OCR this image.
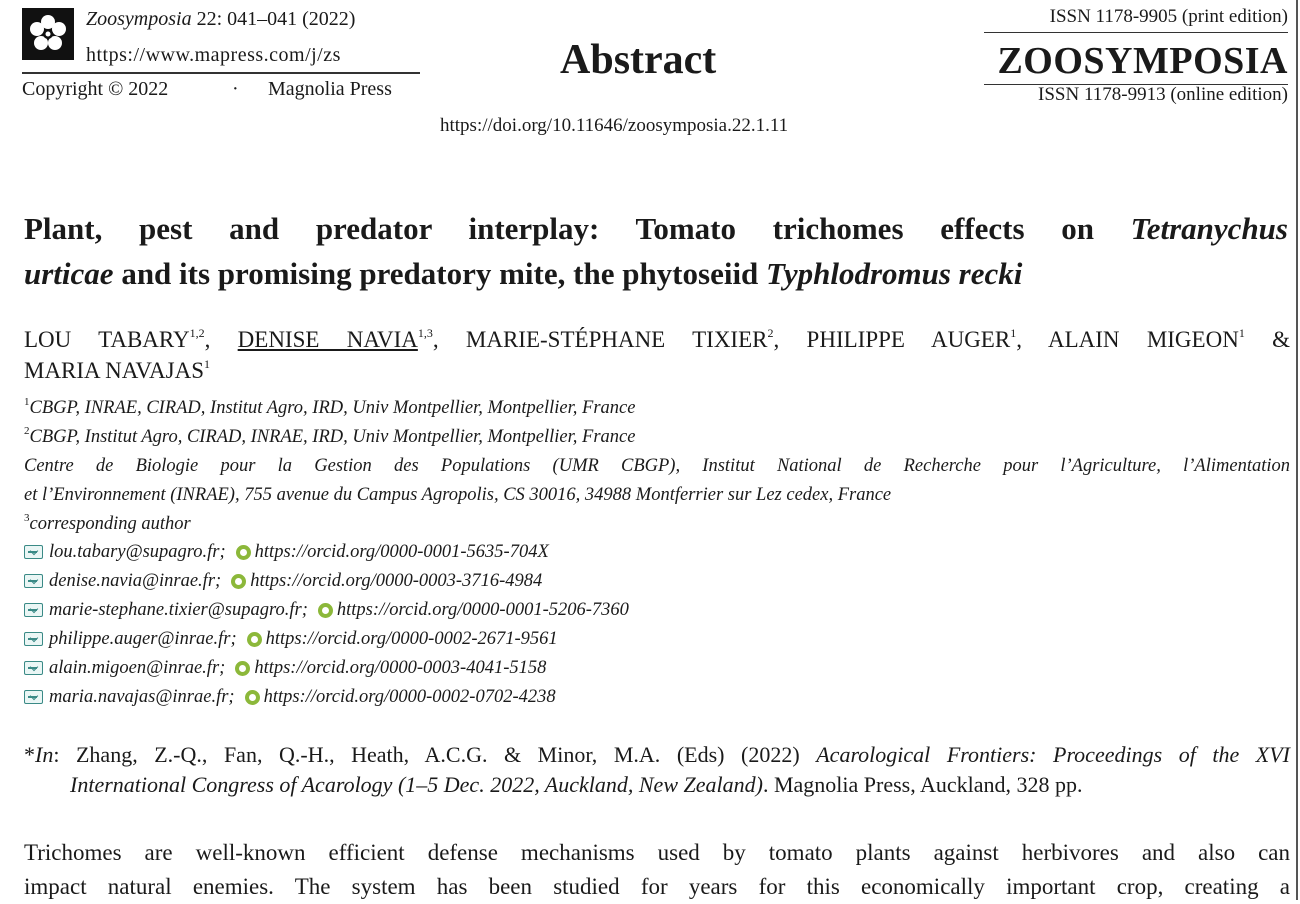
Zoosymposia 22: 041–041 (2022)
https://www.mapress.com/j/zs
Copyright © 2022	· Magnolia Press
Abstract
https://doi.org/10.11646/zoosymposia.22.1.11
ISSN 1178-9905 (print edition)
ZOOSYMPOSIA
ISSN 1178-9913 (online edition)
Plant, pest and predator interplay: Tomato trichomes effects on Tetranychus
urticae and its promising predatory mite, the phytoseiid Typhlodromus recki
LOU TABARY$^{1,2}$, DENISE NAVIA$^{1,3}$, MARIE-STÉPHANE TIXIER$^2$, PHILIPPE AUGER$^1$, ALAIN MIGEON$^1$ &
MARIA NAVAJAS$^1$
$^1$CBGP, INRAE, CIRAD, Institut Agro, IRD, Univ Montpellier, Montpellier, France
$^2$CBGP, Institut Agro, CIRAD, INRAE, IRD, Univ Montpellier, Montpellier, France
Centre de Biologie pour la Gestion des Populations (UMR CBGP), Institut National de Recherche pour l’Agriculture, l’Alimentation
et l’Environnement (INRAE), 755 avenue du Campus Agropolis, CS 30016, 34988 Montferrier sur Lez cedex, France
$^3$corresponding author
lou.tabary@supagro.fr; https://orcid.org/0000-0001-5635-704X
denise.navia@inrae.fr; https://orcid.org/0000-0003-3716-4984
marie-stephane.tixier@supagro.fr; https://orcid.org/0000-0001-5206-7360
philippe.auger@inrae.fr; https://orcid.org/0000-0002-2671-9561
alain.migoen@inrae.fr; https://orcid.org/0000-0003-4041-5158
maria.navajas@inrae.fr; https://orcid.org/0000-0002-0702-4238
*In: Zhang, Z.-Q., Fan, Q.-H., Heath, A.C.G. & Minor, M.A. (Eds) (2022) Acarological Frontiers: Proceedings of the XVI
International Congress of Acarology (1–5 Dec. 2022, Auckland, New Zealand). Magnolia Press, Auckland, 328 pp.
Trichomes are well-known efficient defense mechanisms used by tomato plants against herbivores and also can
impact natural enemies. The system has been studied for years for this economically important crop, creating a
